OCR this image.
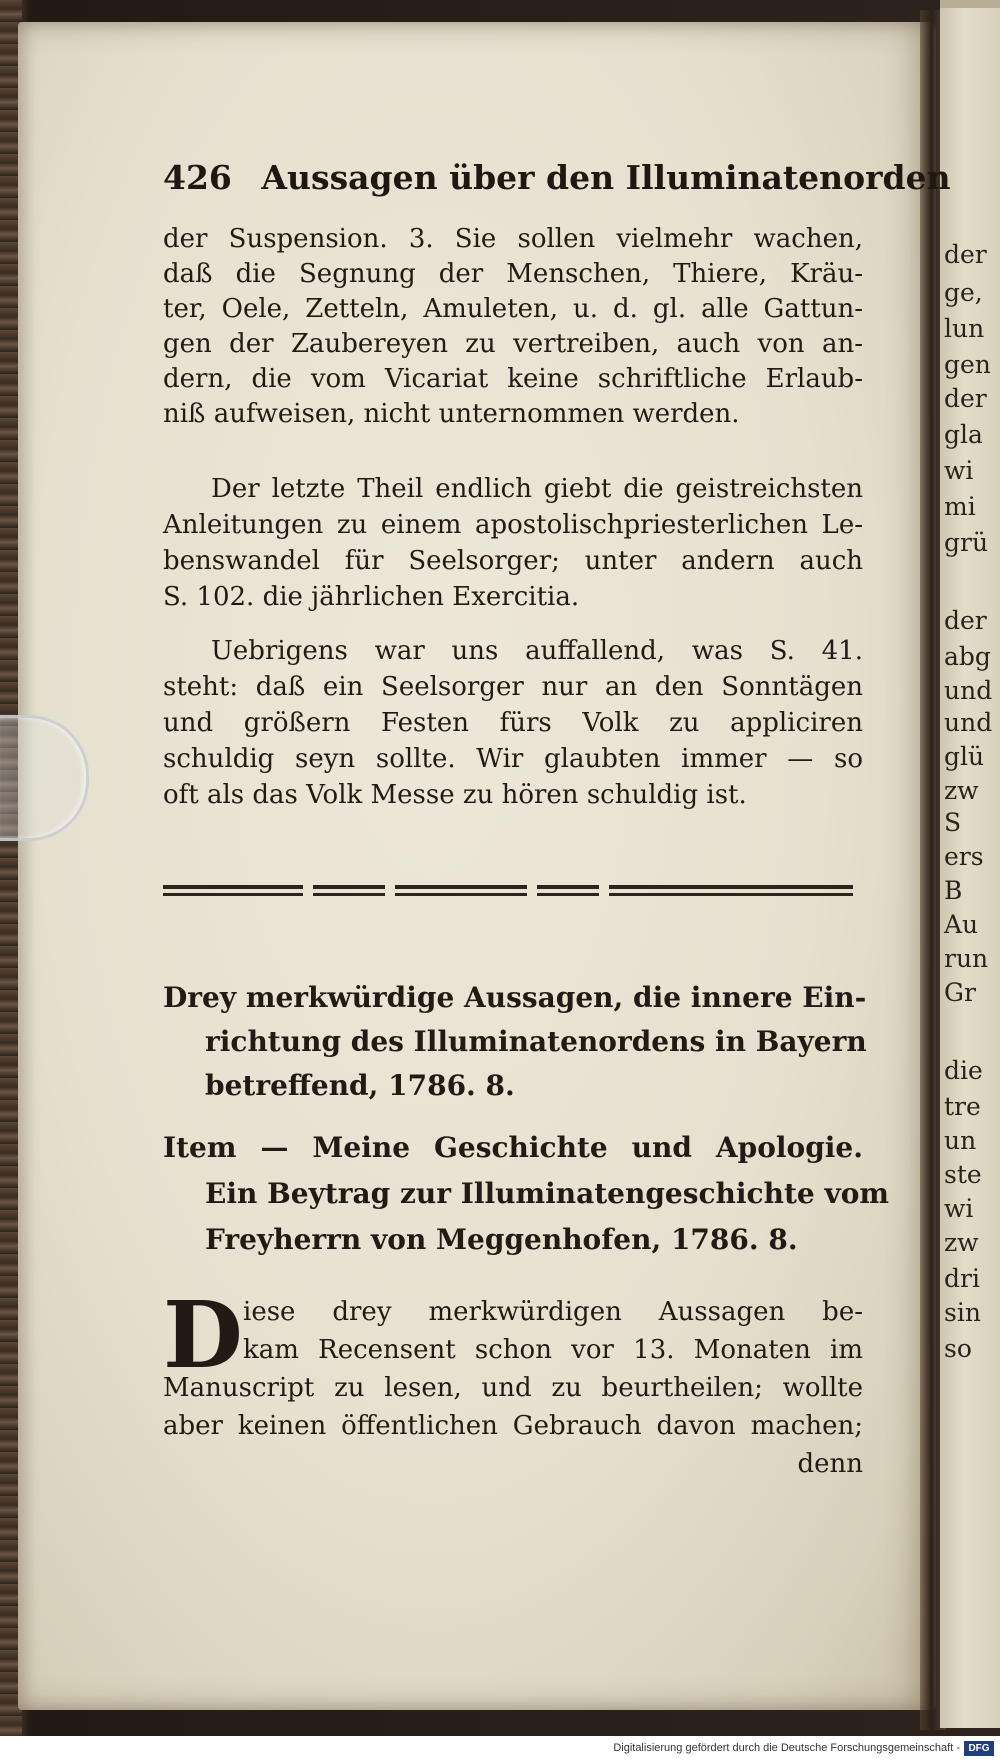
der
ge,
lun
gen
der
gla
wi
mi
grü
der
abg
und
und
glü
zw
S
ers
B
Au
run
Gr
die
tre
un
ste
wi
zw
dri
sin
so
426 Aussagen über den Illuminatenorden
der Suspension. 3. Sie sollen vielmehr wachen,
daß die Segnung der Menschen, Thiere, Kräu-
ter, Oele, Zetteln, Amuleten, u. d. gl. alle Gattun-
gen der Zaubereyen zu vertreiben, auch von an-
dern, die vom Vicariat keine schriftliche Erlaub-
niß aufweisen, nicht unternommen werden.
Der letzte Theil endlich giebt die geistreichsten
Anleitungen zu einem apostolischpriesterlichen Le-
benswandel für Seelsorger; unter andern auch
S. 102. die jährlichen Exercitia.
Uebrigens war uns auffallend, was S. 41.
steht: daß ein Seelsorger nur an den Sonntägen
und größern Festen fürs Volk zu appliciren
schuldig seyn sollte. Wir glaubten immer — so
oft als das Volk Messe zu hören schuldig ist.
Drey merkwürdige Aussagen, die innere Ein-
richtung des Illuminatenordens in Bayern
betreffend, 1786. 8.
Item — Meine Geschichte und Apologie.
Ein Beytrag zur Illuminatengeschichte vom
Freyherrn von Meggenhofen, 1786. 8.
D iese drey merkwürdigen Aussagen be-
kam Recensent schon vor 13. Monaten im
Manuscript zu lesen, und zu beurtheilen; wollte
aber keinen öffentlichen Gebrauch davon machen;
denn
Digitalisierung gefördert durch die Deutsche Forschungsgemeinschaft - DFG
